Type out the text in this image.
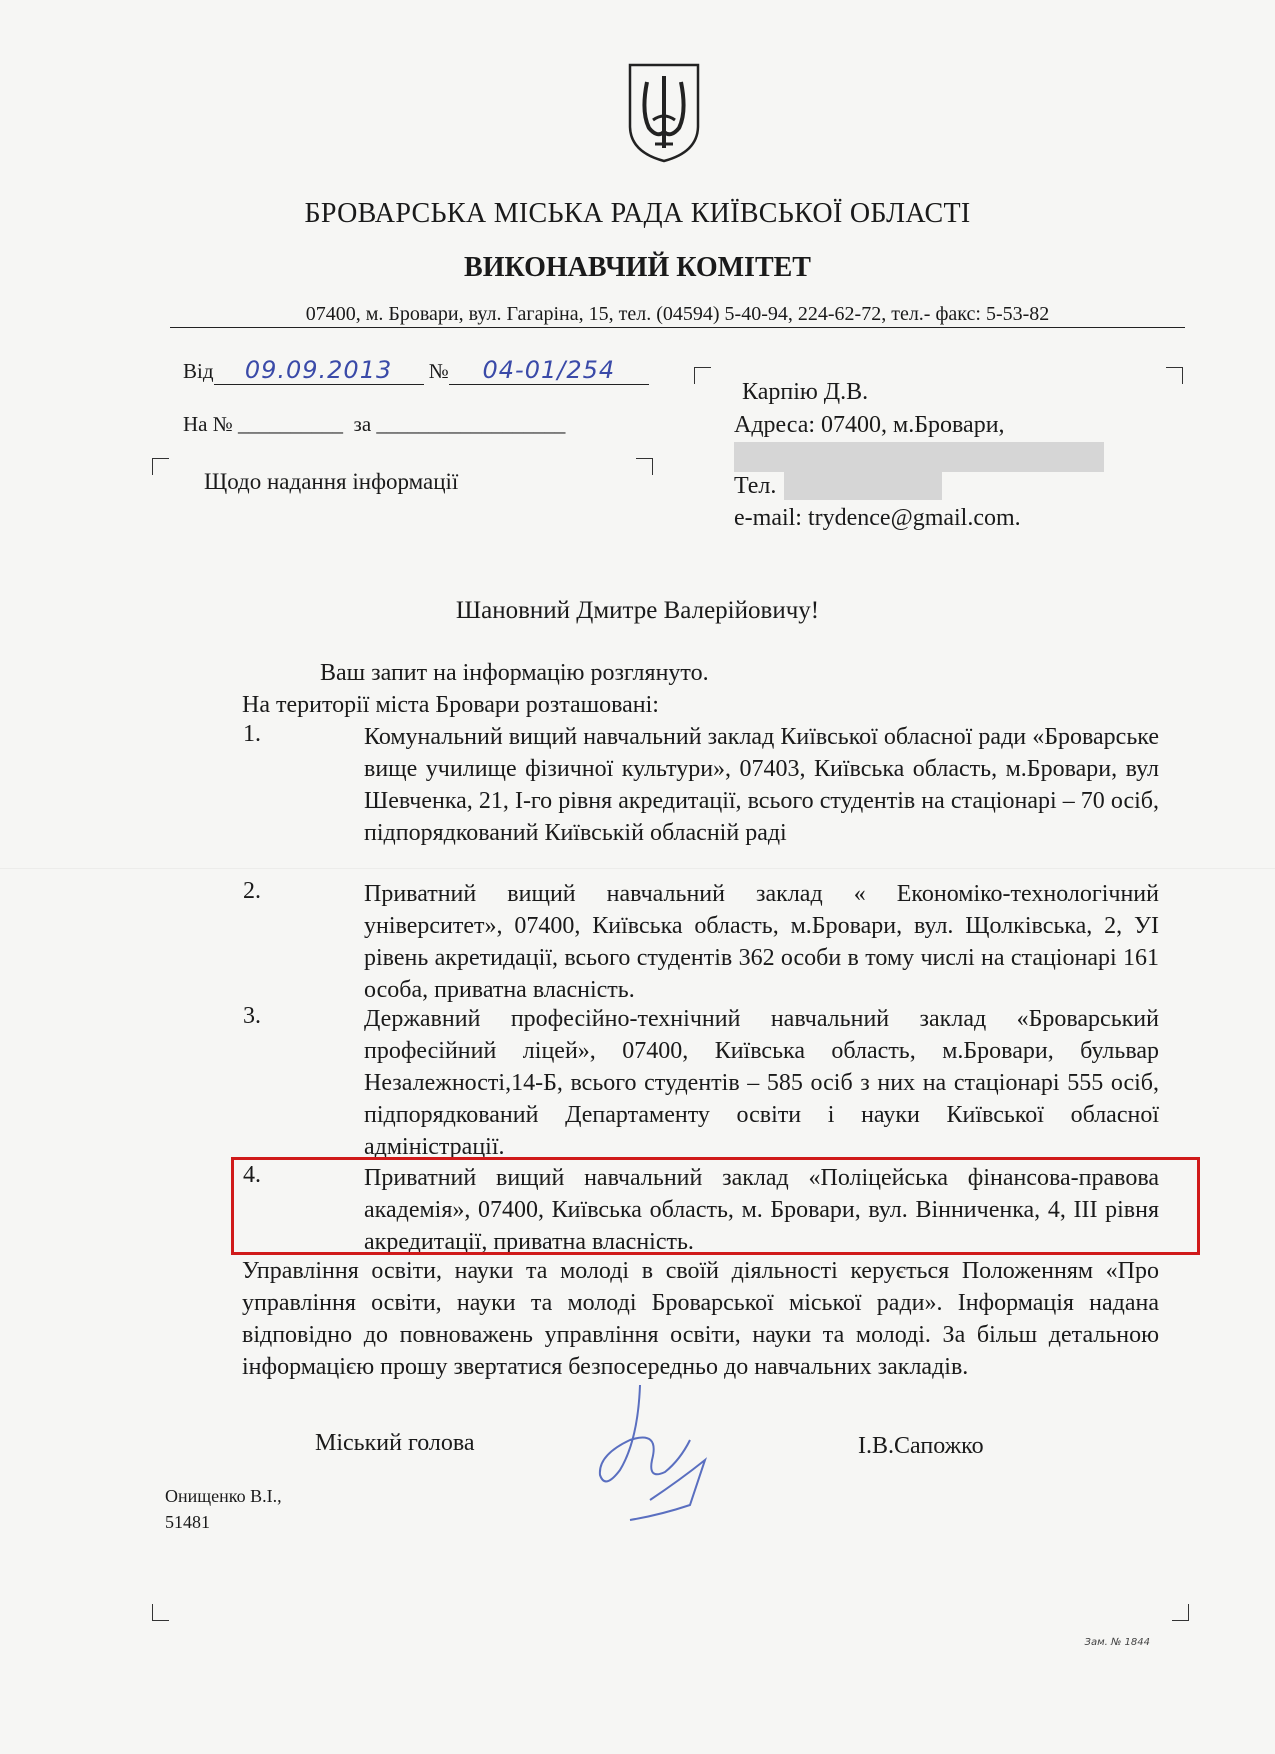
БРОВАРСЬКА МІСЬКА РАДА КИЇВСЬКОЇ ОБЛАСТІ
ВИКОНАВЧИЙ КОМІТЕТ
07400, м. Бровари, вул. Гагаріна, 15, тел. (04594) 5-40-94, 224-62-72, тел.- факс: 5-53-82
Від 09.09.2013 № 04-01/254
На № __________ за __________________
Щодо надання інформації
Карпію Д.В.
Адреса: 07400, м.Бровари,
Тел.
e-mail: trydence@gmail.com.
Шановний Дмитре Валерійовичу!
Ваш запит на інформацію розглянуто.
На території міста Бровари розташовані:
1.	Комунальний вищий навчальний заклад Київської обласної ради «Броварське вище училище фізичної культури», 07403, Київська область, м.Бровари, вул Шевченка, 21, І-го рівня акредитації, всього студентів на стаціонарі – 70 осіб, підпорядкований Київській обласній раді
2.	Приватний вищий навчальний заклад « Економіко-технологічний університет», 07400, Київська область, м.Бровари, вул. Щолківська, 2, УІ рівень акретидації, всього студентів 362 особи в тому числі на стаціонарі 161 особа, приватна власність.
3.	Державний професійно-технічний навчальний заклад «Броварський професійний ліцей», 07400, Київська область, м.Бровари, бульвар Незалежності,14-Б, всього студентів – 585 осіб з них на стаціонарі 555 осіб, підпорядкований Департаменту освіти і науки Київської обласної адміністрації.
4.	Приватний вищий навчальний заклад «Поліцейська фінансова-правова академія», 07400, Київська область, м. Бровари, вул. Вінниченка, 4, ІІІ рівня акредитації, приватна власність.
Управління освіти, науки та молоді в своїй діяльності керується Положенням «Про управління освіти, науки та молоді Броварської міської ради». Інформація надана відповідно до повноважень управління освіти, науки та молоді. За більш детальною інформацією прошу звертатися безпосередньо до навчальних закладів.
Міський голова	І.В.Сапожко
Онищенко В.І.,
51481
Зам. № 1844
